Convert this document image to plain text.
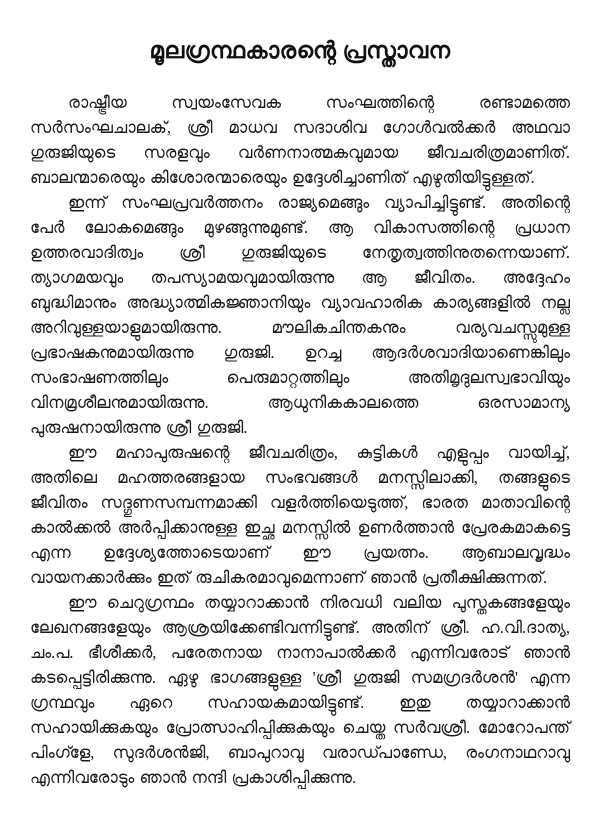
മൂലഗ്രന്ഥകാരന്റെ പ്രസ്താവന

രാഷ്ട്രീയ സ്വയംസേവക സംഘത്തിന്റെ രണ്ടാമത്തെ സർസംഘചാലക്, ശ്രീ മാധവ സദാശിവ ഗോൾവൽക്കർ അഥവാ ഗുരുജിയുടെ സരളവും വർണനാത്മകവുമായ ജീവചരിത്രമാണിത്. ബാലന്മാരെയും കിശോരന്മാരെയും ഉദ്ദേശിച്ചാണിത് എഴുതിയിട്ടുള്ളത്.

ഇന്ന് സംഘപ്രവർത്തനം രാജ്യമെങ്ങും വ്യാപിച്ചിട്ടുണ്ട്. അതിന്റെ പേർ ലോകമെങ്ങും മുഴങ്ങുന്നുമുണ്ട്. ആ വികാസത്തിന്റെ പ്രധാന ഉത്തരവാദിത്വം ശ്രീ ഗുരുജിയുടെ നേതൃത്വത്തിനുതന്നെയാണ്. ത്യാഗമയവും തപസ്യാമയവുമായിരുന്നു ആ ജീവിതം. അദ്ദേഹം ബുദ്ധിമാനും അദ്ധ്യാത്മികജ്ഞാനിയും വ്യാവഹാരിക കാര്യങ്ങളിൽ നല്ല അറിവുള്ളയാളുമായിരുന്നു. മൗലികചിന്തകനും വര്യവചസ്സുമുള്ള പ്രഭാഷകനുമായിരുന്നു ഗുരുജി. ഉറച്ച ആദർശവാദിയാണെങ്കിലും സംഭാഷണത്തിലും പെരുമാറ്റത്തിലും അതിമൃദുലസ്വഭാവിയും വിനമ്രശീലനുമായിരുന്നു. ആധുനികകാലത്തെ ഒരസാമാന്യ പുരുഷനായിരുന്നു ശ്രീ ഗുരുജി.

ഈ മഹാപുരുഷന്റെ ജീവചരിത്രം, കുട്ടികൾ എളുപ്പം വായിച്ച്, അതിലെ മഹത്തരങ്ങളായ സംഭവങ്ങൾ മനസ്സിലാക്കി, തങ്ങളുടെ ജീവിതം സദ്ഗുണസമ്പന്നമാക്കി വളർത്തിയെടുത്ത്, ഭാരത മാതാവിന്റെ കാൽക്കൽ അർപ്പിക്കാനുള്ള ഇച്ഛ മനസ്സിൽ ഉണർത്താൻ പ്രേരകമാകട്ടെ എന്ന ഉദ്ദേശ്യത്തോടെയാണ് ഈ പ്രയത്നം. ആബാലവൃദ്ധം വായനക്കാർക്കും ഇത് രുചികരമാവുമെന്നാണ് ഞാൻ പ്രതീക്ഷിക്കുന്നത്.

ഈ ചെറുഗ്രന്ഥം തയ്യാറാക്കാൻ നിരവധി വലിയ പുസ്തകങ്ങളേയും ലേഖനങ്ങളേയും ആശ്രയിക്കേണ്ടിവന്നിട്ടുണ്ട്. അതിന് ശ്രീ. ഹ.വി.ദാത്യ, ചം.പ. ഭീശീക്കർ, പരേതനായ നാനാപാൽക്കർ എന്നിവരോട് ഞാൻ കടപ്പെട്ടിരിക്കുന്നു. ഏഴു ഭാഗങ്ങളുള്ള 'ശ്രീ ഗുരുജി സമഗ്രദർശൻ' എന്ന ഗ്രന്ഥവും ഏറെ സഹായകമായിട്ടുണ്ട്. ഇതു തയ്യാറാക്കാൻ സഹായിക്കുകയും പ്രോത്സാഹിപ്പിക്കുകയും ചെയ്ത സർവശ്രീ. മോറോപന്ത് പിംഗ്ളേ, സുദർശൻജി, ബാപുറാവു വരാഡ്പാണ്ഡേ, രംഗനാഥറാവു എന്നിവരോടും ഞാൻ നന്ദി പ്രകാശിപ്പിക്കുന്നു.
